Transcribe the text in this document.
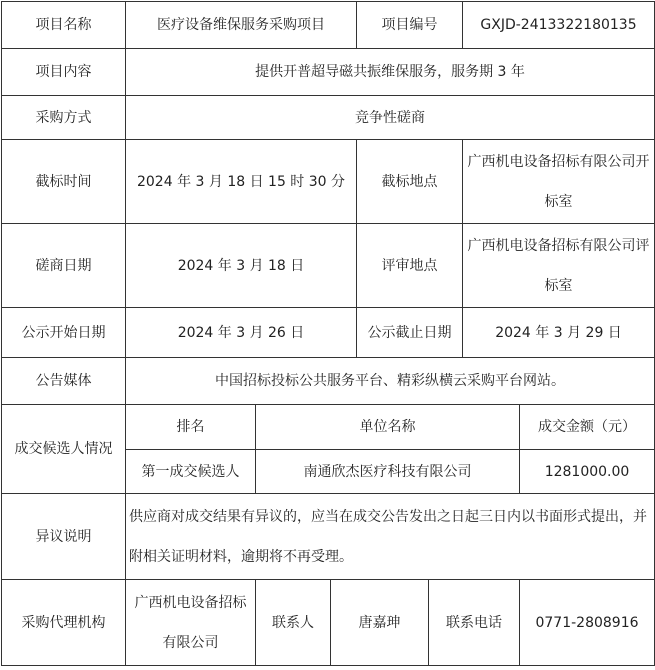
项目名称	医疗设备维保服务采购项目			项目编号		GXJD-2413322180135	
项目内容	提供开普超导磁共振维保服务，服务期 3 年						
采购方式	竞争性磋商						
截标时间	2024 年 3 月 18 日 15 时 30 分			截标地点		广西机电设备招标有限公司开标室	
磋商日期	2024 年 3 月 18 日			评审地点		广西机电设备招标有限公司评标室	
公示开始日期	2024 年 3 月 26 日			公示截止日期		2024 年 3 月 29 日	
公告媒体	中国招标投标公共服务平台、精彩纵横云采购平台网站。						
成交候选人情况	排名	单位名称					成交金额（元）
	第一成交候选人	南通欣杰医疗科技有限公司					1281000.00
异议说明	供应商对成交结果有异议的，应当在成交公告发出之日起三日内以书面形式提出，并附相关证明材料，逾期将不再受理。						
采购代理机构	广西机电设备招标有限公司	联系人	唐嘉珅		联系电话		0771-2808916
